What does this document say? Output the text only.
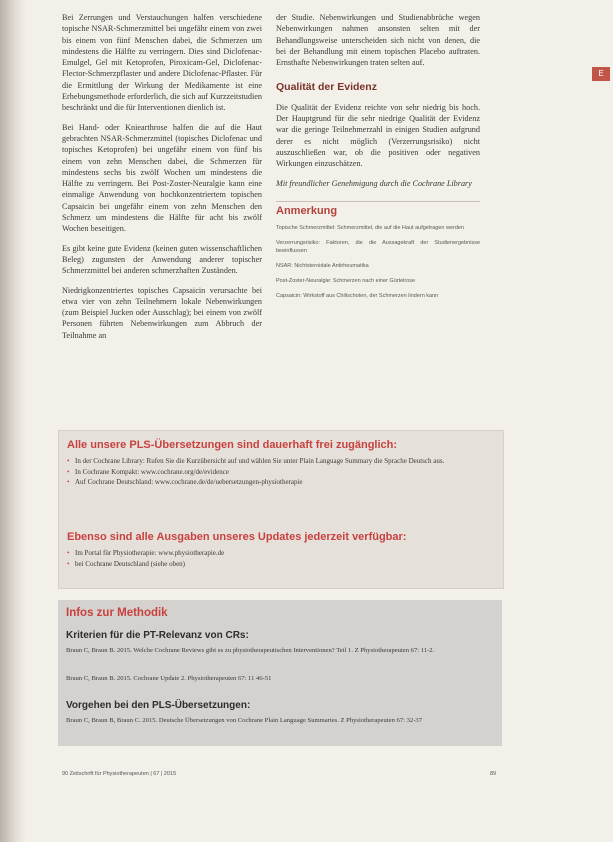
Bei Zerrungen und Verstauchungen halfen verschiedene topische NSAR-Schmerzmittel bei ungefähr einem von zwei bis einem von fünf Menschen dabei, die Schmerzen um mindestens die Hälfte zu verringern. Dies sind Diclofenac-Emulgel, Gel mit Ketoprofen, Piroxicam-Gel, Diclofenac-Flector-Schmerzpflaster und andere Diclofenac-Pflaster. Für die Ermittlung der Wirkung der Medikamente ist eine Erhebungsmethode erforderlich, die sich auf Kurzzeitstudien beschränkt und die für Interventionen dienlich ist.

Bei Hand- oder Kniearthrose halfen die auf die Haut gebrachten NSAR-Schmerzmittel (topisches Diclofenac und topisches Ketoprofen) bei ungefähr einem von fünf bis einem von zehn Menschen dabei, die Schmerzen für mindestens sechs bis zwölf Wochen um mindestens die Hälfte zu verringern. Bei Post-Zoster-Neuralgie kann eine einmalige Anwendung von hochkonzentriertem topischen Capsaicin bei ungefähr einem von zehn Menschen den Schmerz um mindestens die Hälfte für acht bis zwölf Wochen beseitigen.

Es gibt keine gute Evidenz (keinen guten wissenschaftlichen Beleg) zugunsten der Anwendung anderer topischer Schmerzmittel bei anderen schmerzhaften Zuständen.

Niedrigkonzentriertes topisches Capsaicin verursachte bei etwa vier von zehn Teilnehmern lokale Nebenwirkungen (zum Beispiel Jucken oder Ausschlag); bei einem von zwölf Personen führten Nebenwirkungen zum Abbruch der Teilnahme an

der Studie. Nebenwirkungen und Studienabbrüche wegen Nebenwirkungen nahmen ansonsten selten mit der Behandlungsweise unterscheiden sich nicht von denen, die bei der Behandlung mit einem topischen Placebo auftraten. Ernsthafte Nebenwirkungen traten selten auf.

Qualität der Evidenz

Die Qualität der Evidenz reichte von sehr niedrig bis hoch. Der Hauptgrund für die sehr niedrige Qualität der Evidenz war die geringe Teilnehmerzahl in einigen Studien aufgrund derer es nicht möglich (Verzerrungsrisiko) nicht auszuschließen war, ob die positiven oder negativen Wirkungen einzuschätzen.

Mit freundlicher Genehmigung durch die Cochrane Library

Anmerkung

Topische Schmerzmittel: Schmerzmittel, die auf die Haut aufgetragen werden

Verzerrungsrisiko: Faktoren, die die Aussagekraft der Studienergebnisse beeinflussen

NSAR: Nichtsteroidale Antirheumatika

Post-Zoster-Neuralgie: Schmerzen nach einer Gürtelrose

Capsaicin: Wirkstoff aus Chilischoten, der Schmerzen lindern kann

E

Alle unsere PLS-Übersetzungen sind dauerhaft frei zugänglich:

• In der Cochrane Library: Rufen Sie die Kurzübersicht auf und wählen Sie unter Plain Language Summary die Sprache Deutsch aus.
• In Cochrane Kompakt: www.cochrane.org/de/evidence
• Auf Cochrane Deutschland: www.cochrane.de/de/uebersetzungen-physiotherapie

Ebenso sind alle Ausgaben unseres Updates jederzeit verfügbar:

• Im Portal für Physiotherapie: www.physiotherapie.de
• bei Cochrane Deutschland (siehe oben)

Infos zur Methodik

Kriterien für die PT-Relevanz von CRs:

Braun C, Braun B. 2015. Welche Cochrane Reviews gibt es zu physiotherapeutischen Interventionen? Teil 1. Z Physiotherapeuten 67: 11-2.

Braun C, Braun B. 2015. Cochrane Update 2. Physiotherapeuten 67: 11 46-51

Vorgehen bei den PLS-Übersetzungen:

Braun C, Braun B, Braun C. 2015. Deutsche Übersetzungen von Cochrane Plain Language Summaries. Z Physiotherapeuten 67: 32-37

90 Zeitschrift für Physiotherapeuten | 67 | 2015	89
